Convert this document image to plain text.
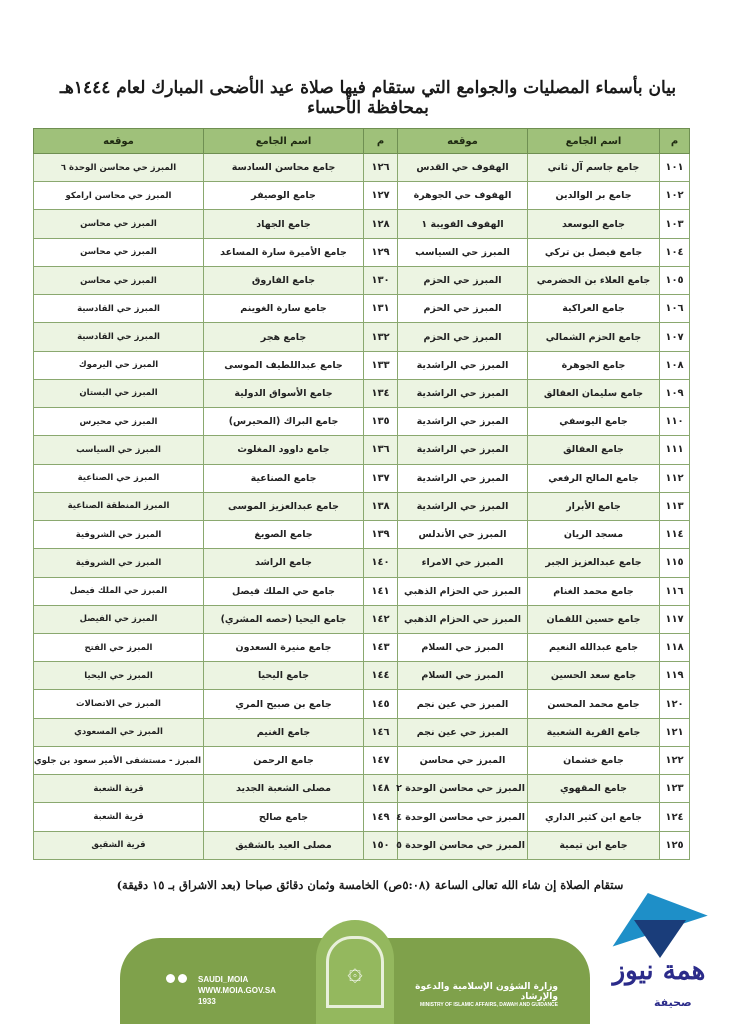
بيان بأسماء المصليات والجوامع التي ستقام فيها صلاة عيد الأضحى المبارك لعام ١٤٤٤هـ بمحافظة الأحساء
م	اسم الجامع	موقعه	م	اسم الجامع	موقعه
١٠١	جامع جاسم آل ثاني	الهفوف حي القدس	١٢٦	جامع محاسن السادسة	المبرز حي محاسن الوحدة ٦
١٠٢	جامع بر الوالدين	الهفوف حي الجوهرة	١٢٧	جامع الوصيفر	المبرز حي محاسن ارامكو
١٠٣	جامع البوسعد	الهفوف الفويبة ١	١٢٨	جامع الجهاد	المبرز حي محاسن
١٠٤	جامع فيصل بن تركي	المبرز حي السياسب	١٢٩	جامع الأميرة سارة المساعد	المبرز حي محاسن
١٠٥	جامع العلاء بن الحضرمي	المبرز حي الحزم	١٣٠	جامع الفاروق	المبرز حي محاسن
١٠٦	جامع العراكية	المبرز حي الحزم	١٣١	جامع سارة الغوينم	المبرز حي القادسية
١٠٧	جامع الحزم الشمالي	المبرز حي الحزم	١٣٢	جامع هجر	المبرز حي القادسية
١٠٨	جامع الجوهرة	المبرز حي الراشدية	١٣٣	جامع عبداللطيف الموسى	المبرز حي اليرموك
١٠٩	جامع سليمان العفالق	المبرز حي الراشدية	١٣٤	جامع الأسواق الدولية	المبرز حي البستان
١١٠	جامع اليوسفي	المبرز حي الراشدية	١٣٥	جامع البراك (المحيرس)	المبرز حي محيرس
١١١	جامع العفالق	المبرز حي الراشدية	١٣٦	جامع داوود المغلوث	المبرز حي السياسب
١١٢	جامع المالح الرفعي	المبرز حي الراشدية	١٣٧	جامع الصناعية	المبرز حي الصناعية
١١٣	جامع الأبرار	المبرز حي الراشدية	١٣٨	جامع عبدالعزيز الموسى	المبرز المنطقة الصناعية
١١٤	مسجد الريان	المبرز حي الأندلس	١٣٩	جامع الصويغ	المبرز حي الشروفية
١١٥	جامع عبدالعزيز الجبر	المبرز حي الامراء	١٤٠	جامع الراشد	المبرز حي الشروفية
١١٦	جامع محمد الغنام	المبرز حي الحزام الذهبي	١٤١	جامع حي الملك فيصل	المبرز حي الملك فيصل
١١٧	جامع حسين اللقمان	المبرز حي الحزام الذهبي	١٤٢	جامع اليحيا (حصه المشري)	المبرز حي الفيصل
١١٨	جامع عبدالله النعيم	المبرز حي السلام	١٤٣	جامع منيرة السعدون	المبرز حي الفتح
١١٩	جامع سعد الحسين	المبرز حي السلام	١٤٤	جامع اليحيا	المبرز حي اليحيا
١٢٠	جامع محمد المحسن	المبرز حي عين نجم	١٤٥	جامع بن صبيح المري	المبرز حي الاتصالات
١٢١	جامع القرية الشعبية	المبرز حي عين نجم	١٤٦	جامع الغنيم	المبرز حي المسعودي
١٢٢	جامع خشمان	المبرز حي محاسن	١٤٧	جامع الرحمن	المبرز - مستشفى الأمير سعود بن جلوي
١٢٣	جامع المقهوي	المبرز حي محاسن الوحدة ٢	١٤٨	مصلى الشعبة الجديد	قرية الشعبة
١٢٤	جامع ابن كثير الداري	المبرز حي محاسن الوحدة ٤	١٤٩	جامع صالح	قرية الشعبة
١٢٥	جامع ابن تيمية	المبرز حي محاسن الوحدة ٥	١٥٠	مصلى العيد بالشقيق	قرية الشقيق
ستقام الصلاة إن شاء الله تعالى الساعة (٥:٠٨ص) الخامسة وثمان دقائق صباحا (بعد الاشراق بـ ١٥ دقيقة)
۞
SAUDI_MOIA
WWW.MOIA.GOV.SA
1933
وزارة الشؤون الإسلامية والدعوة والإرشاد
MINISTRY OF ISLAMIC AFFAIRS, DAWAH AND GUIDANCE
همة نيوز
صحيفة
